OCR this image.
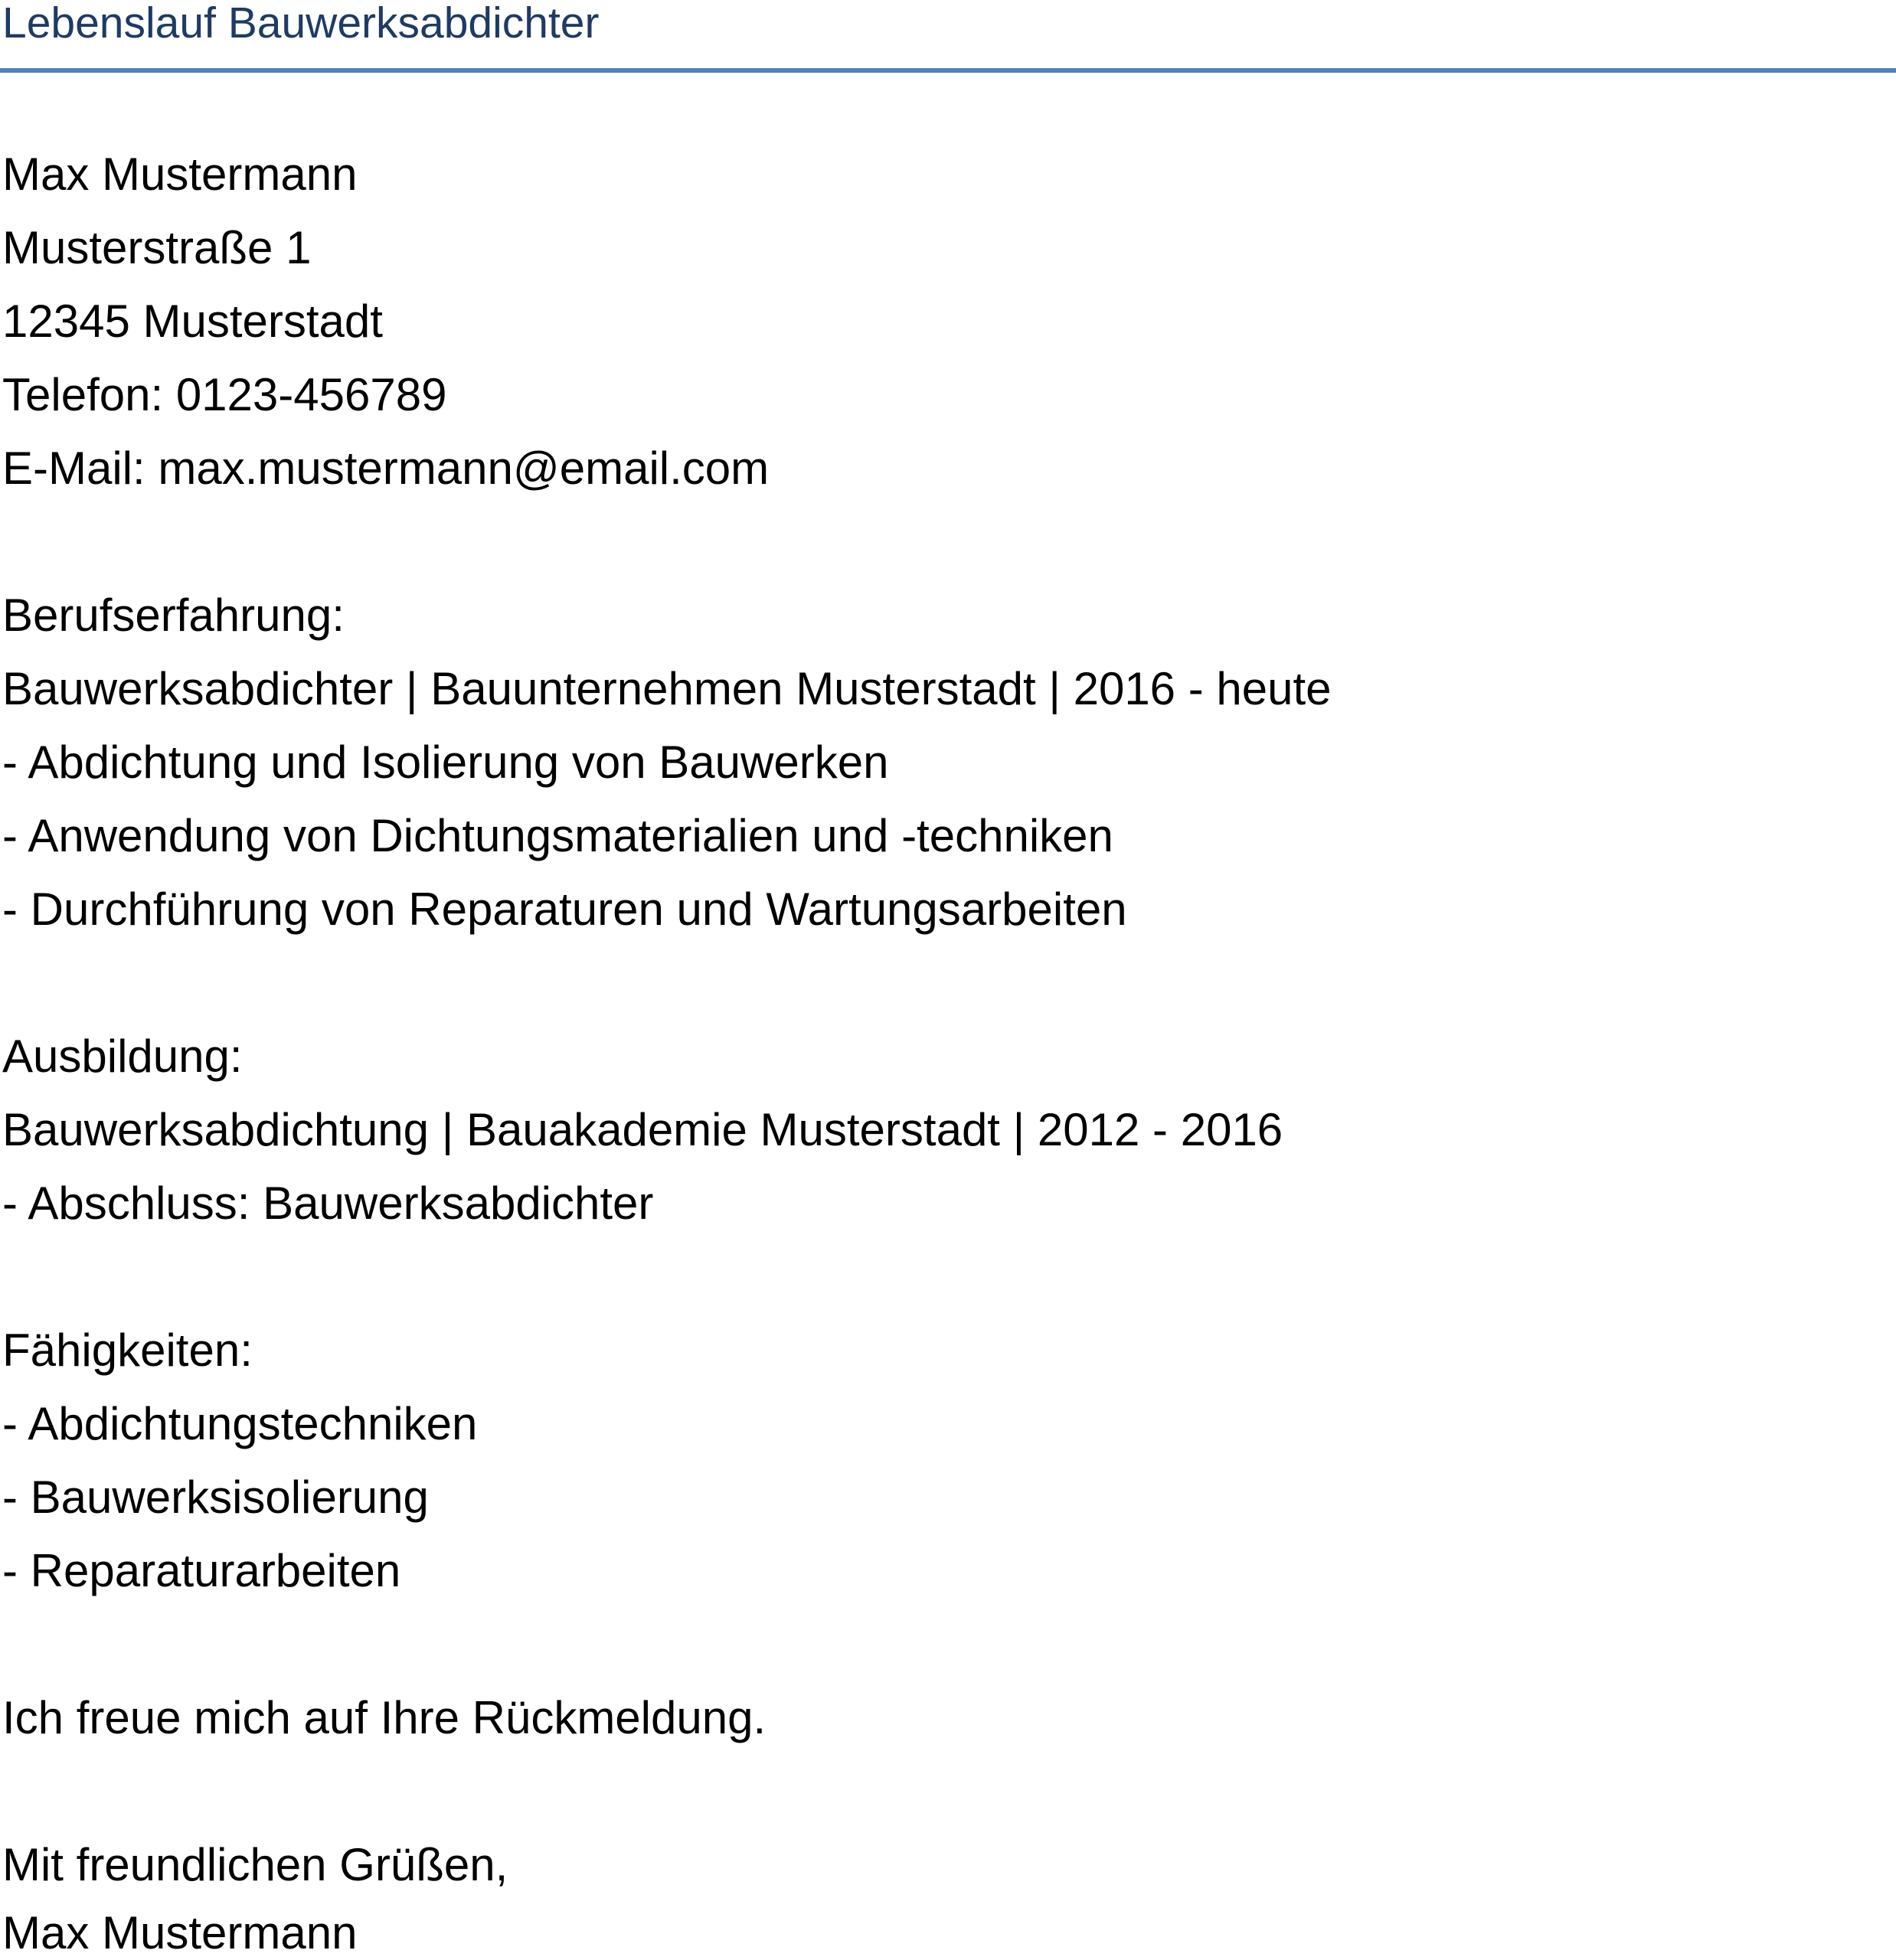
Lebenslauf Bauwerksabdichter

Max Mustermann

Musterstraße 1

12345 Musterstadt

Telefon: 0123-456789

E-Mail: max.mustermann@email.com

Berufserfahrung:

Bauwerksabdichter | Bauunternehmen Musterstadt | 2016 - heute

- Abdichtung und Isolierung von Bauwerken

- Anwendung von Dichtungsmaterialien und -techniken

- Durchführung von Reparaturen und Wartungsarbeiten

Ausbildung:

Bauwerksabdichtung | Bauakademie Musterstadt | 2012 - 2016

- Abschluss: Bauwerksabdichter

Fähigkeiten:

- Abdichtungstechniken

- Bauwerksisolierung

- Reparaturarbeiten

Ich freue mich auf Ihre Rückmeldung.

Mit freundlichen Grüßen,

Max Mustermann
